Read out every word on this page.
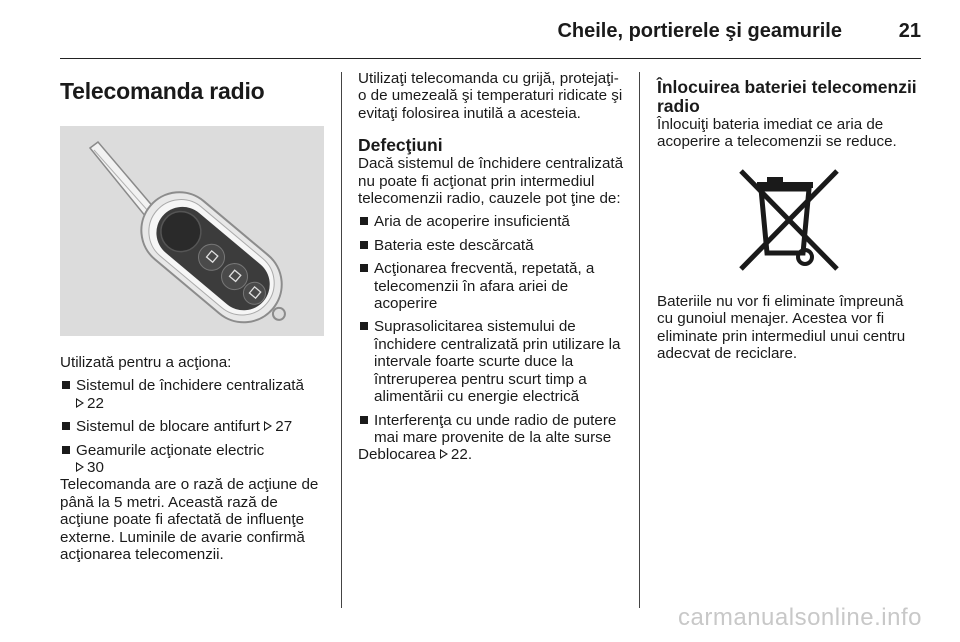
Cheile, portierele şi geamurile	21
Telecomanda radio

Utilizată pentru a acţiona:

Sistemul de închidere centralizată
22
Sistemul de blocare antifurt 27
Geamurile acţionate electric
30

Telecomanda are o rază de acţiune de până la 5 metri. Această rază de acţiune poate fi afectată de influenţe externe. Luminile de avarie confirmă acţionarea telecomenzii.

Utilizaţi telecomanda cu grijă, protejaţi-o de umezeală şi temperaturi ridicate şi evitaţi folosirea inutilă a acesteia.

Defecţiuni

Dacă sistemul de închidere centralizată nu poate fi acţionat prin intermediul telecomenzii radio, cauzele pot ţine de:

Aria de acoperire insuficientă
Bateria este descărcată
Acţionarea frecventă, repetată, a telecomenzii în afara ariei de acoperire
Suprasolicitarea sistemului de închidere centralizată prin utilizare la intervale foarte scurte duce la întreruperea pentru scurt timp a alimentării cu energie electrică
Interferenţa cu unde radio de putere mai mare provenite de la alte surse

Deblocarea 22.

Înlocuirea bateriei telecomenzii radio

Înlocuiţi bateria imediat ce aria de acoperire a telecomenzii se reduce.

Bateriile nu vor fi eliminate împreună cu gunoiul menajer. Acestea vor fi eliminate prin intermediul unui centru adecvat de reciclare.

carmanualsonline.info
